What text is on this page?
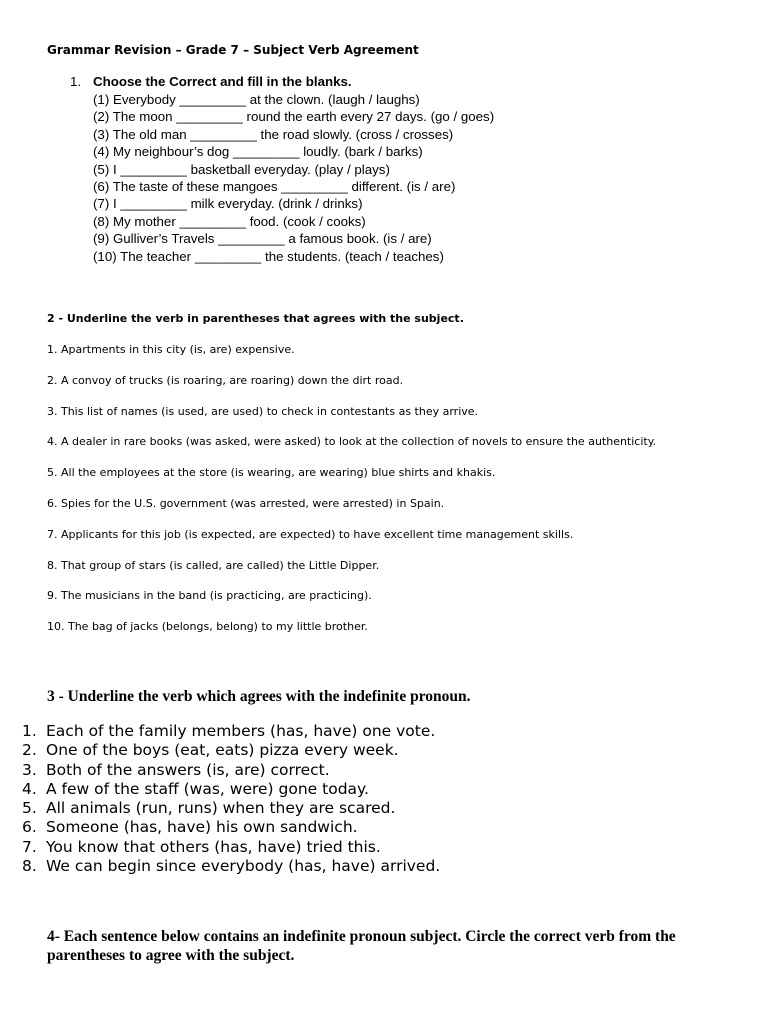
Grammar Revision – Grade 7 – Subject Verb Agreement
1. Choose the Correct and fill in the blanks.
(1) Everybody _________ at the clown. (laugh / laughs)
(2) The moon _________ round the earth every 27 days. (go / goes)
(3) The old man _________ the road slowly. (cross / crosses)
(4) My neighbour’s dog _________ loudly. (bark / barks)
(5) I _________ basketball everyday. (play / plays)
(6) The taste of these mangoes _________ different. (is / are)
(7) I _________ milk everyday. (drink / drinks)
(8) My mother _________ food. (cook / cooks)
(9) Gulliver’s Travels _________ a famous book. (is / are)
(10) The teacher _________ the students. (teach / teaches)
2 - Underline the verb in parentheses that agrees with the subject.
1. Apartments in this city (is, are) expensive.
2. A convoy of trucks (is roaring, are roaring) down the dirt road.
3. This list of names (is used, are used) to check in contestants as they arrive.
4. A dealer in rare books (was asked, were asked) to look at the collection of novels to ensure the authenticity.
5. All the employees at the store (is wearing, are wearing) blue shirts and khakis.
6. Spies for the U.S. government (was arrested, were arrested) in Spain.
7. Applicants for this job (is expected, are expected) to have excellent time management skills.
8. That group of stars (is called, are called) the Little Dipper.
9. The musicians in the band (is practicing, are practicing).
10. The bag of jacks (belongs, belong) to my little brother.
3 - Underline the verb which agrees with the indefinite pronoun.
1. Each of the family members (has, have) one vote.
2. One of the boys (eat, eats) pizza every week.
3. Both of the answers (is, are) correct.
4. A few of the staff (was, were) gone today.
5. All animals (run, runs) when they are scared.
6. Someone (has, have) his own sandwich.
7. You know that others (has, have) tried this.
8. We can begin since everybody (has, have) arrived.
4- Each sentence below contains an indefinite pronoun subject. Circle the correct verb from the parentheses to agree with the subject.
